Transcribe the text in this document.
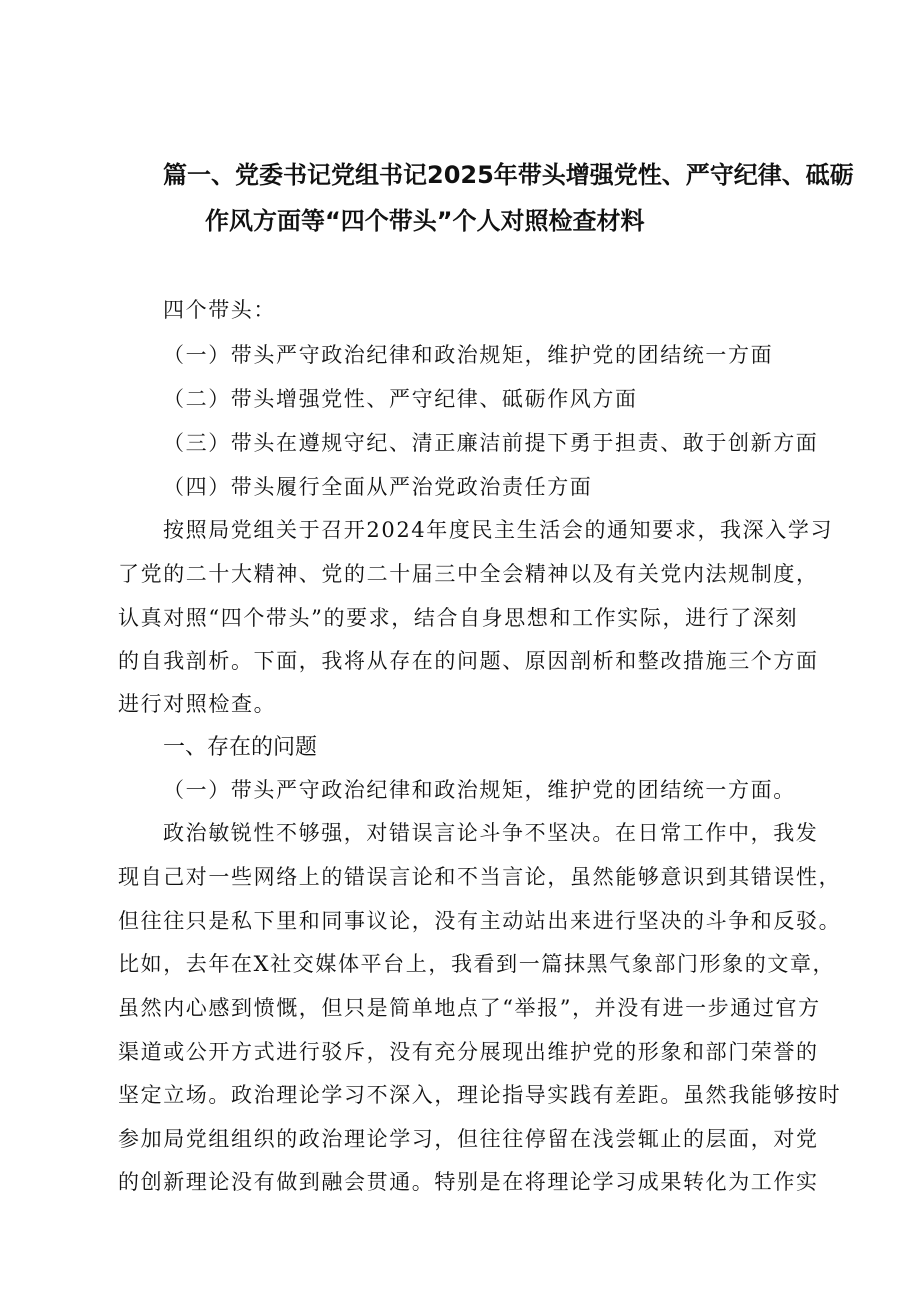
篇一、党委书记党组书记2025年带头增强党性、严守纪律、砥砺
作风方面等“四个带头”个人对照检查材料
四个带头：
（一）带头严守政治纪律和政治规矩，维护党的团结统一方面
（二）带头增强党性、严守纪律、砥砺作风方面
（三）带头在遵规守纪、清正廉洁前提下勇于担责、敢于创新方面
（四）带头履行全面从严治党政治责任方面
按照局党组关于召开2024年度民主生活会的通知要求，我深入学习
了党的二十大精神、党的二十届三中全会精神以及有关党内法规制度，
认真对照“四个带头”的要求，结合自身思想和工作实际，进行了深刻
的自我剖析。下面，我将从存在的问题、原因剖析和整改措施三个方面
进行对照检查。
一、存在的问题
（一）带头严守政治纪律和政治规矩，维护党的团结统一方面。
政治敏锐性不够强，对错误言论斗争不坚决。在日常工作中，我发
现自己对一些网络上的错误言论和不当言论，虽然能够意识到其错误性，
但往往只是私下里和同事议论，没有主动站出来进行坚决的斗争和反驳。
比如，去年在X社交媒体平台上，我看到一篇抹黑气象部门形象的文章，
虽然内心感到愤慨，但只是简单地点了“举报”，并没有进一步通过官方
渠道或公开方式进行驳斥，没有充分展现出维护党的形象和部门荣誉的
坚定立场。政治理论学习不深入，理论指导实践有差距。虽然我能够按时
参加局党组组织的政治理论学习，但往往停留在浅尝辄止的层面，对党
的创新理论没有做到融会贯通。特别是在将理论学习成果转化为工作实
